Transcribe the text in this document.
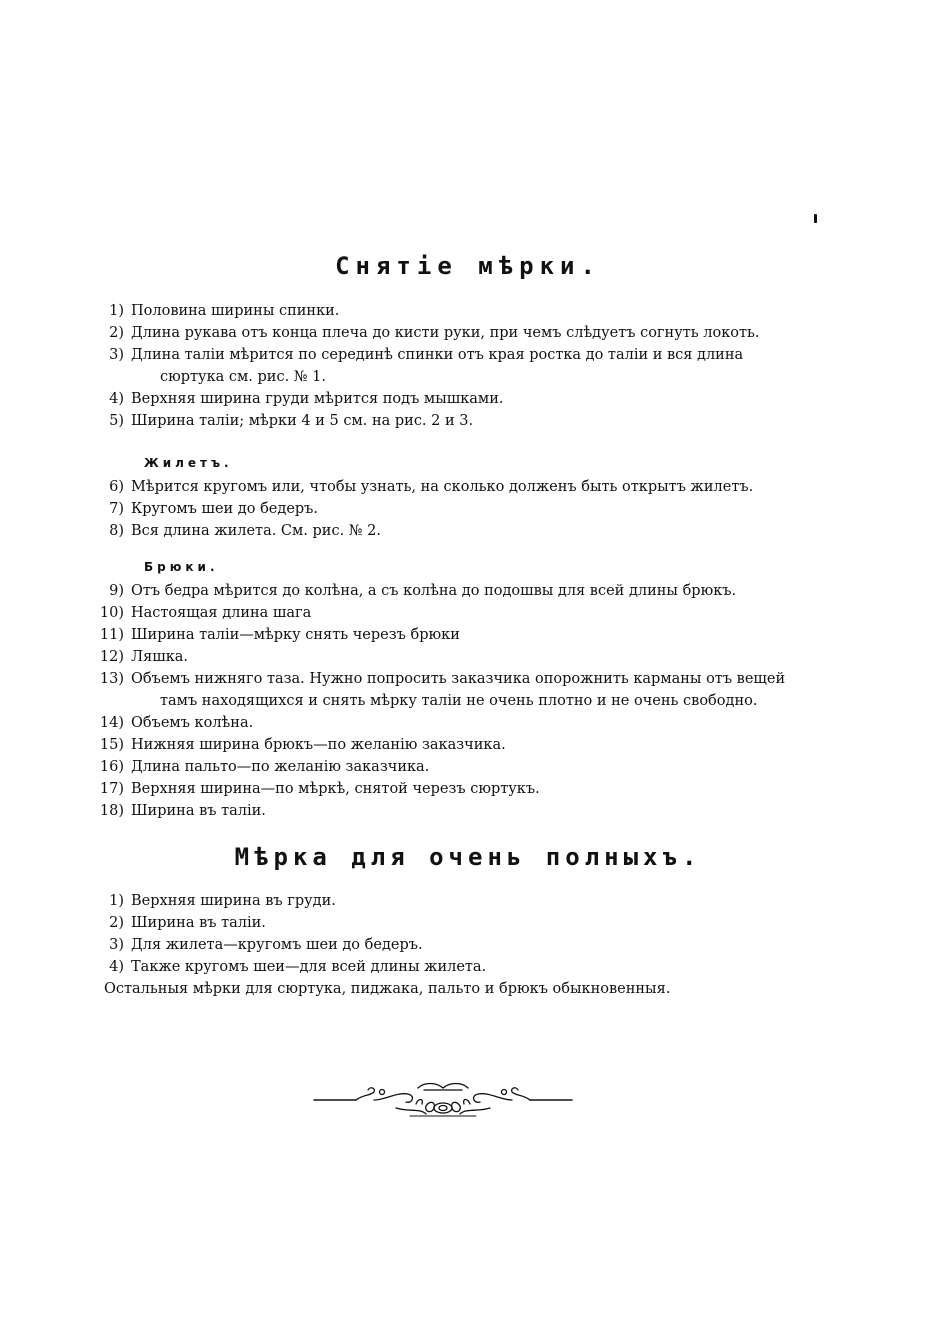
Снятіе мѣрки.
1) Половина ширины спинки.
2) Длина рукава отъ конца плеча до кисти руки, при чемъ слѣдуетъ согнуть локоть.
3) Длина таліи мѣрится по серединѣ спинки отъ края ростка до таліи и вся длина
сюртука см. рис. № 1.
4) Верхняя ширина груди мѣрится подъ мышками.
5) Ширина таліи; мѣрки 4 и 5 см. на рис. 2 и 3.
Жилетъ.
6) Мѣрится кругомъ или, чтобы узнать, на сколько долженъ быть открытъ жилетъ.
7) Кругомъ шеи до бедеръ.
8) Вся длина жилета. См. рис. № 2.
Брюки.
9) Отъ бедра мѣрится до колѣна, а съ колѣна до подошвы для всей длины брюкъ.
10) Настоящая длина шага
11) Ширина таліи—мѣрку снять черезъ брюки
12) Ляшка.
13) Объемъ нижняго таза. Нужно попросить заказчика опорожнить карманы отъ вещей
тамъ находящихся и снять мѣрку таліи не очень плотно и не очень свободно.
14) Объемъ колѣна.
15) Нижняя ширина брюкъ—по желанію заказчика.
16) Длина пальто—по желанію заказчика.
17) Верхняя ширина—по мѣркѣ, снятой черезъ сюртукъ.
18) Ширина въ таліи.
Мѣрка для очень полныхъ.
1) Верхняя ширина въ груди.
2) Ширина въ таліи.
3) Для жилета—кругомъ шеи до бедеръ.
4) Также кругомъ шеи—для всей длины жилета.
Остальныя мѣрки для сюртука, пиджака, пальто и брюкъ обыкновенныя.
